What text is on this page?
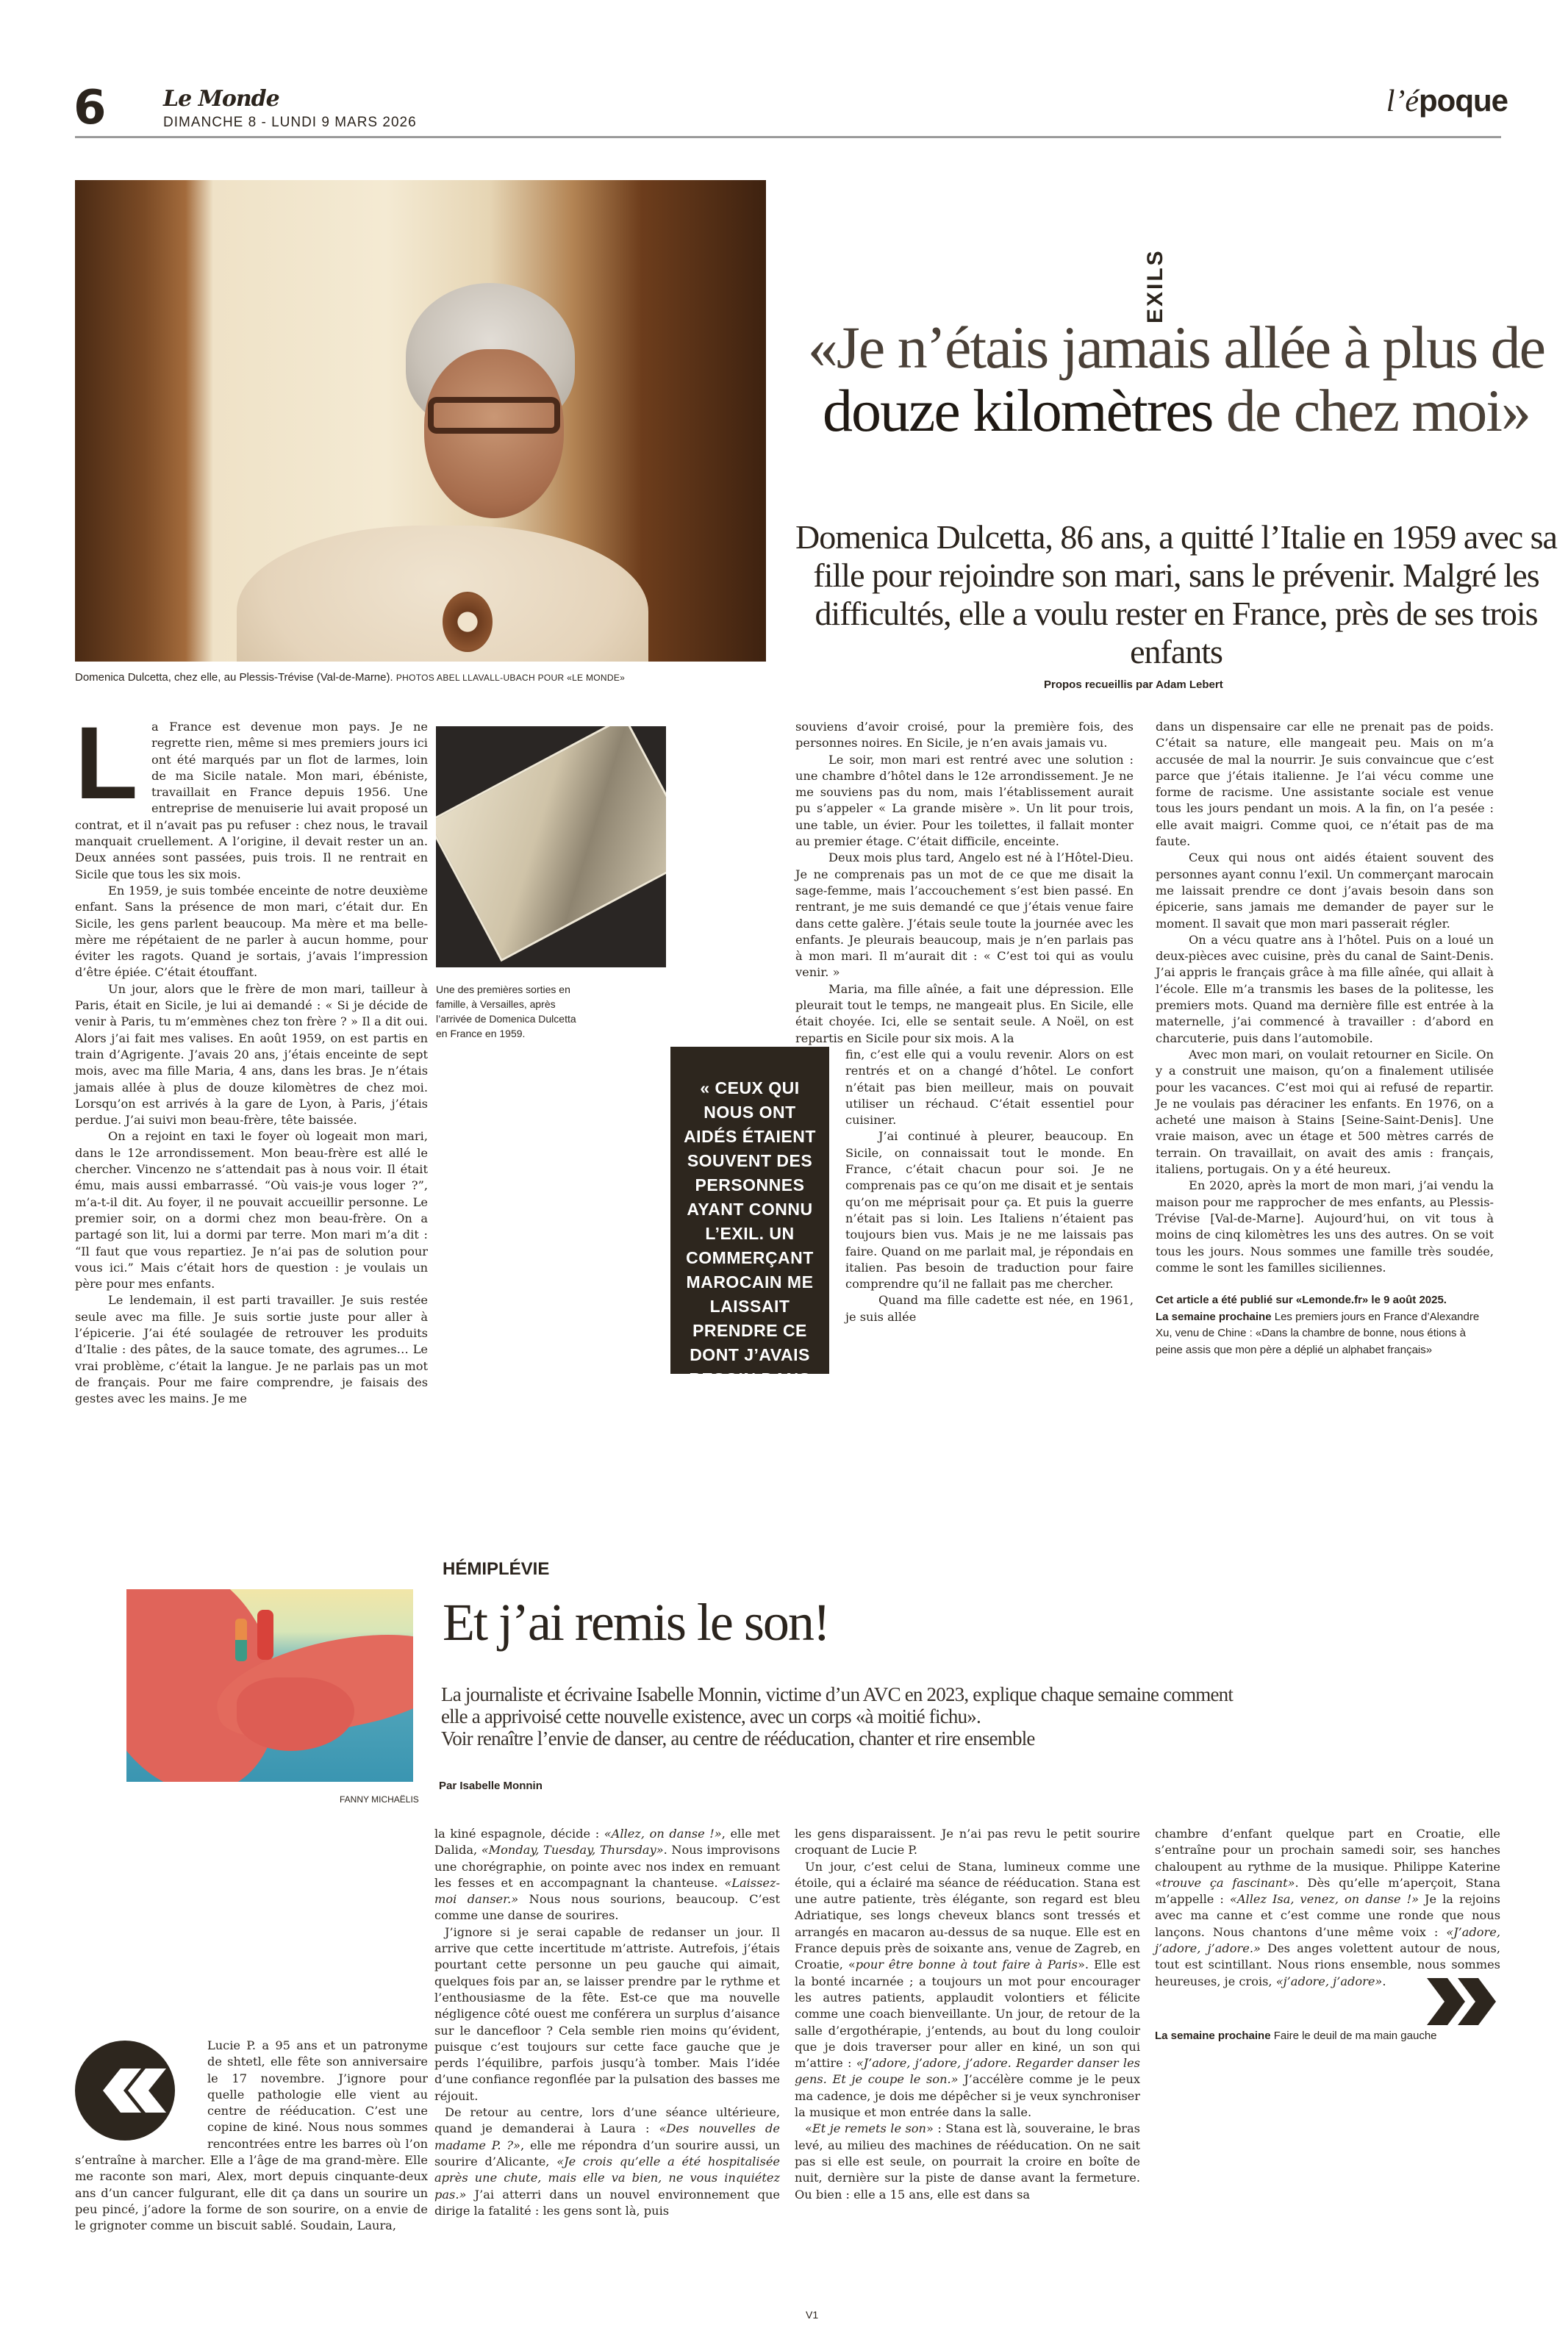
6	Le Monde
DIMANCHE 8 - LUNDI 9 MARS 2026
l’époque
Domenica Dulcetta, chez elle, au Plessis-Trévise (Val-de-Marne). PHOTOS ABEL LLAVALL-UBACH POUR «LE MONDE»
EXILS
«Je n’étais jamais allée à plus de douze kilomètres de chez moi»
Domenica Dulcetta, 86 ans, a quitté l’Italie en 1959 avec sa fille pour rejoindre son mari, sans le prévenir. Malgré les difficultés, elle a voulu rester en France, près de ses trois enfants
Propos recueillis par Adam Lebert
L	a France est devenue mon pays. Je ne regrette rien, même si mes premiers jours ici ont été marqués par un flot de larmes, loin de ma Sicile natale. Mon mari, ébéniste, travaillait en France depuis 1956. Une entreprise de menuiserie lui avait proposé un contrat, et il n’avait pas pu refuser : chez nous, le travail manquait cruellement. A l’origine, il devait rester un an. Deux années sont passées, puis trois. Il ne rentrait en Sicile que tous les six mois.

En 1959, je suis tombée enceinte de notre deuxième enfant. Sans la présence de mon mari, c’était dur. En Sicile, les gens parlent beaucoup. Ma mère et ma belle-mère me répétaient de ne parler à aucun homme, pour éviter les ragots. Quand je sortais, j’avais l’impression d’être épiée. C’était étouffant.

Un jour, alors que le frère de mon mari, tailleur à Paris, était en Sicile, je lui ai demandé : « Si je décide de venir à Paris, tu m’emmènes chez ton frère ? » Il a dit oui. Alors j’ai fait mes valises. En août 1959, on est partis en train d’Agrigente. J’avais 20 ans, j’étais enceinte de sept mois, avec ma fille Maria, 4 ans, dans les bras. Je n’étais jamais allée à plus de douze kilomètres de chez moi. Lorsqu’on est arrivés à la gare de Lyon, à Paris, j’étais perdue. J’ai suivi mon beau-frère, tête baissée.

On a rejoint en taxi le foyer où logeait mon mari, dans le 12e arrondissement. Mon beau-frère est allé le chercher. Vincenzo ne s’attendait pas à nous voir. Il était ému, mais aussi embarrassé. “Où vais-je vous loger ?”, m’a-t-il dit. Au foyer, il ne pouvait accueillir personne. Le premier soir, on a dormi chez mon beau-frère. On a partagé son lit, lui a dormi par terre. Mon mari m’a dit : “Il faut que vous repartiez. Je n’ai pas de solution pour vous ici.” Mais c’était hors de question : je voulais un père pour mes enfants.

Le lendemain, il est parti travailler. Je suis restée seule avec ma fille. Je suis sortie juste pour aller à l’épicerie. J’ai été soulagée de retrouver les produits d’Italie : des pâtes, de la sauce tomate, des agrumes… Le vrai problème, c’était la langue. Je ne parlais pas un mot de français. Pour me faire comprendre, je faisais des gestes avec les mains. Je me

Une des premières sorties en famille, à Versailles, après l’arrivée de Domenica Dulcetta en France en 1959.

souviens d’avoir croisé, pour la première fois, des personnes noires. En Sicile, je n’en avais jamais vu.

Le soir, mon mari est rentré avec une solution : une chambre d’hôtel dans le 12e arrondissement. Je ne me souviens pas du nom, mais l’établissement aurait pu s’appeler « La grande misère ». Un lit pour trois, une table, un évier. Pour les toilettes, il fallait monter au premier étage. C’était difficile, enceinte.

Deux mois plus tard, Angelo est né à l’Hôtel-Dieu. Je ne comprenais pas un mot de ce que me disait la sage-femme, mais l’accouchement s’est bien passé. En rentrant, je me suis demandé ce que j’étais venue faire dans cette galère. J’étais seule toute la journée avec les enfants. Je pleurais beaucoup, mais je n’en parlais pas à mon mari. Il m’aurait dit : « C’est toi qui as voulu venir. »

Maria, ma fille aînée, a fait une dépression. Elle pleurait tout le temps, ne mangeait plus. En Sicile, elle était choyée. Ici, elle se sentait seule. A Noël, on est repartis en Sicile pour six mois. A la

« CEUX QUI NOUS ONT AIDÉS ÉTAIENT SOUVENT DES PERSONNES AYANT CONNU L’EXIL. UN COMMERÇANT MAROCAIN ME LAISSAIT PRENDRE CE DONT J’AVAIS BESOIN DANS SON ÉPICERIE »

fin, c’est elle qui a voulu revenir. Alors on est rentrés et on a changé d’hôtel. Le confort n’était pas bien meilleur, mais on pouvait utiliser un réchaud. C’était essentiel pour cuisiner.

J’ai continué à pleurer, beaucoup. En Sicile, on connaissait tout le monde. En France, c’était chacun pour soi. Je ne comprenais pas ce qu’on me disait et je sentais qu’on me méprisait pour ça. Et puis la guerre n’était pas si loin. Les Italiens n’étaient pas toujours bien vus. Mais je ne me laissais pas faire. Quand on me parlait mal, je répondais en italien. Pas besoin de traduction pour faire comprendre qu’il ne fallait pas me chercher.

Quand ma fille cadette est née, en 1961, je suis allée

dans un dispensaire car elle ne prenait pas de poids. C’était sa nature, elle mangeait peu. Mais on m’a accusée de mal la nourrir. Je suis convaincue que c’est parce que j’étais italienne. Je l’ai vécu comme une forme de racisme. Une assistante sociale est venue tous les jours pendant un mois. A la fin, on l’a pesée : elle avait maigri. Comme quoi, ce n’était pas de ma faute.

Ceux qui nous ont aidés étaient souvent des personnes ayant connu l’exil. Un commerçant marocain me laissait prendre ce dont j’avais besoin dans son épicerie, sans jamais me demander de payer sur le moment. Il savait que mon mari passerait régler.

On a vécu quatre ans à l’hôtel. Puis on a loué un deux-pièces avec cuisine, près du canal de Saint-Denis. J’ai appris le français grâce à ma fille aînée, qui allait à l’école. Elle m’a transmis les bases de la politesse, les premiers mots. Quand ma dernière fille est entrée à la maternelle, j’ai commencé à travailler : d’abord en charcuterie, puis dans l’automobile.

Avec mon mari, on voulait retourner en Sicile. On y a construit une maison, qu’on a finalement utilisée pour les vacances. C’est moi qui ai refusé de repartir. Je ne voulais pas déraciner les enfants. En 1976, on a acheté une maison à Stains [Seine-Saint-Denis]. Une vraie maison, avec un étage et 500 mètres carrés de terrain. On travaillait, on avait des amis : français, italiens, portugais. On y a été heureux.

En 2020, après la mort de mon mari, j’ai vendu la maison pour me rapprocher de mes enfants, au Plessis-Trévise [Val-de-Marne]. Aujourd’hui, on vit tous à moins de cinq kilomètres les uns des autres. On se voit tous les jours. Nous sommes une famille très soudée, comme le sont les familles siciliennes.

Cet article a été publié sur «Lemonde.fr» le 9 août 2025.
La semaine prochaine Les premiers jours en France d’Alexandre Xu, venu de Chine : «Dans la chambre de bonne, nous étions à peine assis que mon père a déplié un alphabet français»
FANNY MICHAËLIS
HÉMIPLÉVIE
Et j’ai remis le son!
La journaliste et écrivaine Isabelle Monnin, victime d’un AVC en 2023, explique chaque semaine comment
elle a apprivoisé cette nouvelle existence, avec un corps «à moitié fichu».
Voir renaître l’envie de danser, au centre de rééducation, chanter et rire ensemble
Par Isabelle Monnin

Lucie P. a 95 ans et un patronyme de shtetl, elle fête son anniversaire le 17 novembre. J’ignore pour quelle pathologie elle vient au centre de rééducation. C’est une copine de kiné. Nous nous sommes rencontrées entre les barres où l’on s’entraîne à marcher. Elle a l’âge de ma grand-mère. Elle me raconte son mari, Alex, mort depuis cinquante-deux ans d’un cancer fulgurant, elle dit ça dans un sourire un peu pincé, j’adore la forme de son sourire, on a envie de le grignoter comme un biscuit sablé. Soudain, Laura,

la kiné espagnole, décide : «Allez, on danse !», elle met Dalida, «Monday, Tuesday, Thursday». Nous improvisons une chorégraphie, on pointe avec nos index en remuant les fesses et en accompagnant la chanteuse. «Laissez-moi danser.» Nous nous sourions, beaucoup. C’est comme une danse de sourires.

J’ignore si je serai capable de redanser un jour. Il arrive que cette incertitude m’attriste. Autrefois, j’étais pourtant cette personne un peu gauche qui aimait, quelques fois par an, se laisser prendre par le rythme et l’enthousiasme de la fête. Est-ce que ma nouvelle négligence côté ouest me conférera un surplus d’aisance sur le dancefloor ? Cela semble rien moins qu’évident, puisque c’est toujours sur cette face gauche que je perds l’équilibre, parfois jusqu’à tomber. Mais l’idée d’une confiance regonflée par la pulsation des basses me réjouit.

De retour au centre, lors d’une séance ultérieure, quand je demanderai à Laura : «Des nouvelles de madame P. ?», elle me répondra d’un sourire aussi, un sourire d’Alicante, «Je crois qu’elle a été hospitalisée après une chute, mais elle va bien, ne vous inquiétez pas.» J’ai atterri dans un nouvel environnement que dirige la fatalité : les gens sont là, puis

les gens disparaissent. Je n’ai pas revu le petit sourire croquant de Lucie P.

Un jour, c’est celui de Stana, lumineux comme une étoile, qui a éclairé ma séance de rééducation. Stana est une autre patiente, très élégante, son regard est bleu Adriatique, ses longs cheveux blancs sont tressés et arrangés en macaron au-dessus de sa nuque. Elle est en France depuis près de soixante ans, venue de Zagreb, en Croatie, «pour être bonne à tout faire à Paris». Elle est la bonté incarnée ; a toujours un mot pour encourager les autres patients, applaudit volontiers et félicite comme une coach bienveillante. Un jour, de retour de la salle d’ergothérapie, j’entends, au bout du long couloir que je dois traverser pour aller en kiné, un son qui m’attire : «J’adore, j’adore, j’adore. Regarder danser les gens. Et je coupe le son.» J’accélère comme je le peux ma cadence, je dois me dépêcher si je veux synchroniser la musique et mon entrée dans la salle.

«Et je remets le son» : Stana est là, souveraine, le bras levé, au milieu des machines de rééducation. On ne sait pas si elle est seule, on pourrait la croire en boîte de nuit, dernière sur la piste de danse avant la fermeture. Ou bien : elle a 15 ans, elle est dans sa

chambre d’enfant quelque part en Croatie, elle s’entraîne pour un prochain samedi soir, ses hanches chaloupent au rythme de la musique. Philippe Katerine «trouve ça fascinant». Dès qu’elle m’aperçoit, Stana m’appelle : «Allez Isa, venez, on danse !» Je la rejoins avec ma canne et c’est comme une ronde que nous lançons. Nous chantons d’une même voix : «J’adore, j’adore, j’adore.» Des anges volettent autour de nous, tout est scintillant. Nous rions ensemble, nous sommes heureuses, je crois,
«j’adore, j’adore».

La semaine prochaine Faire le deuil de ma main gauche
V1
